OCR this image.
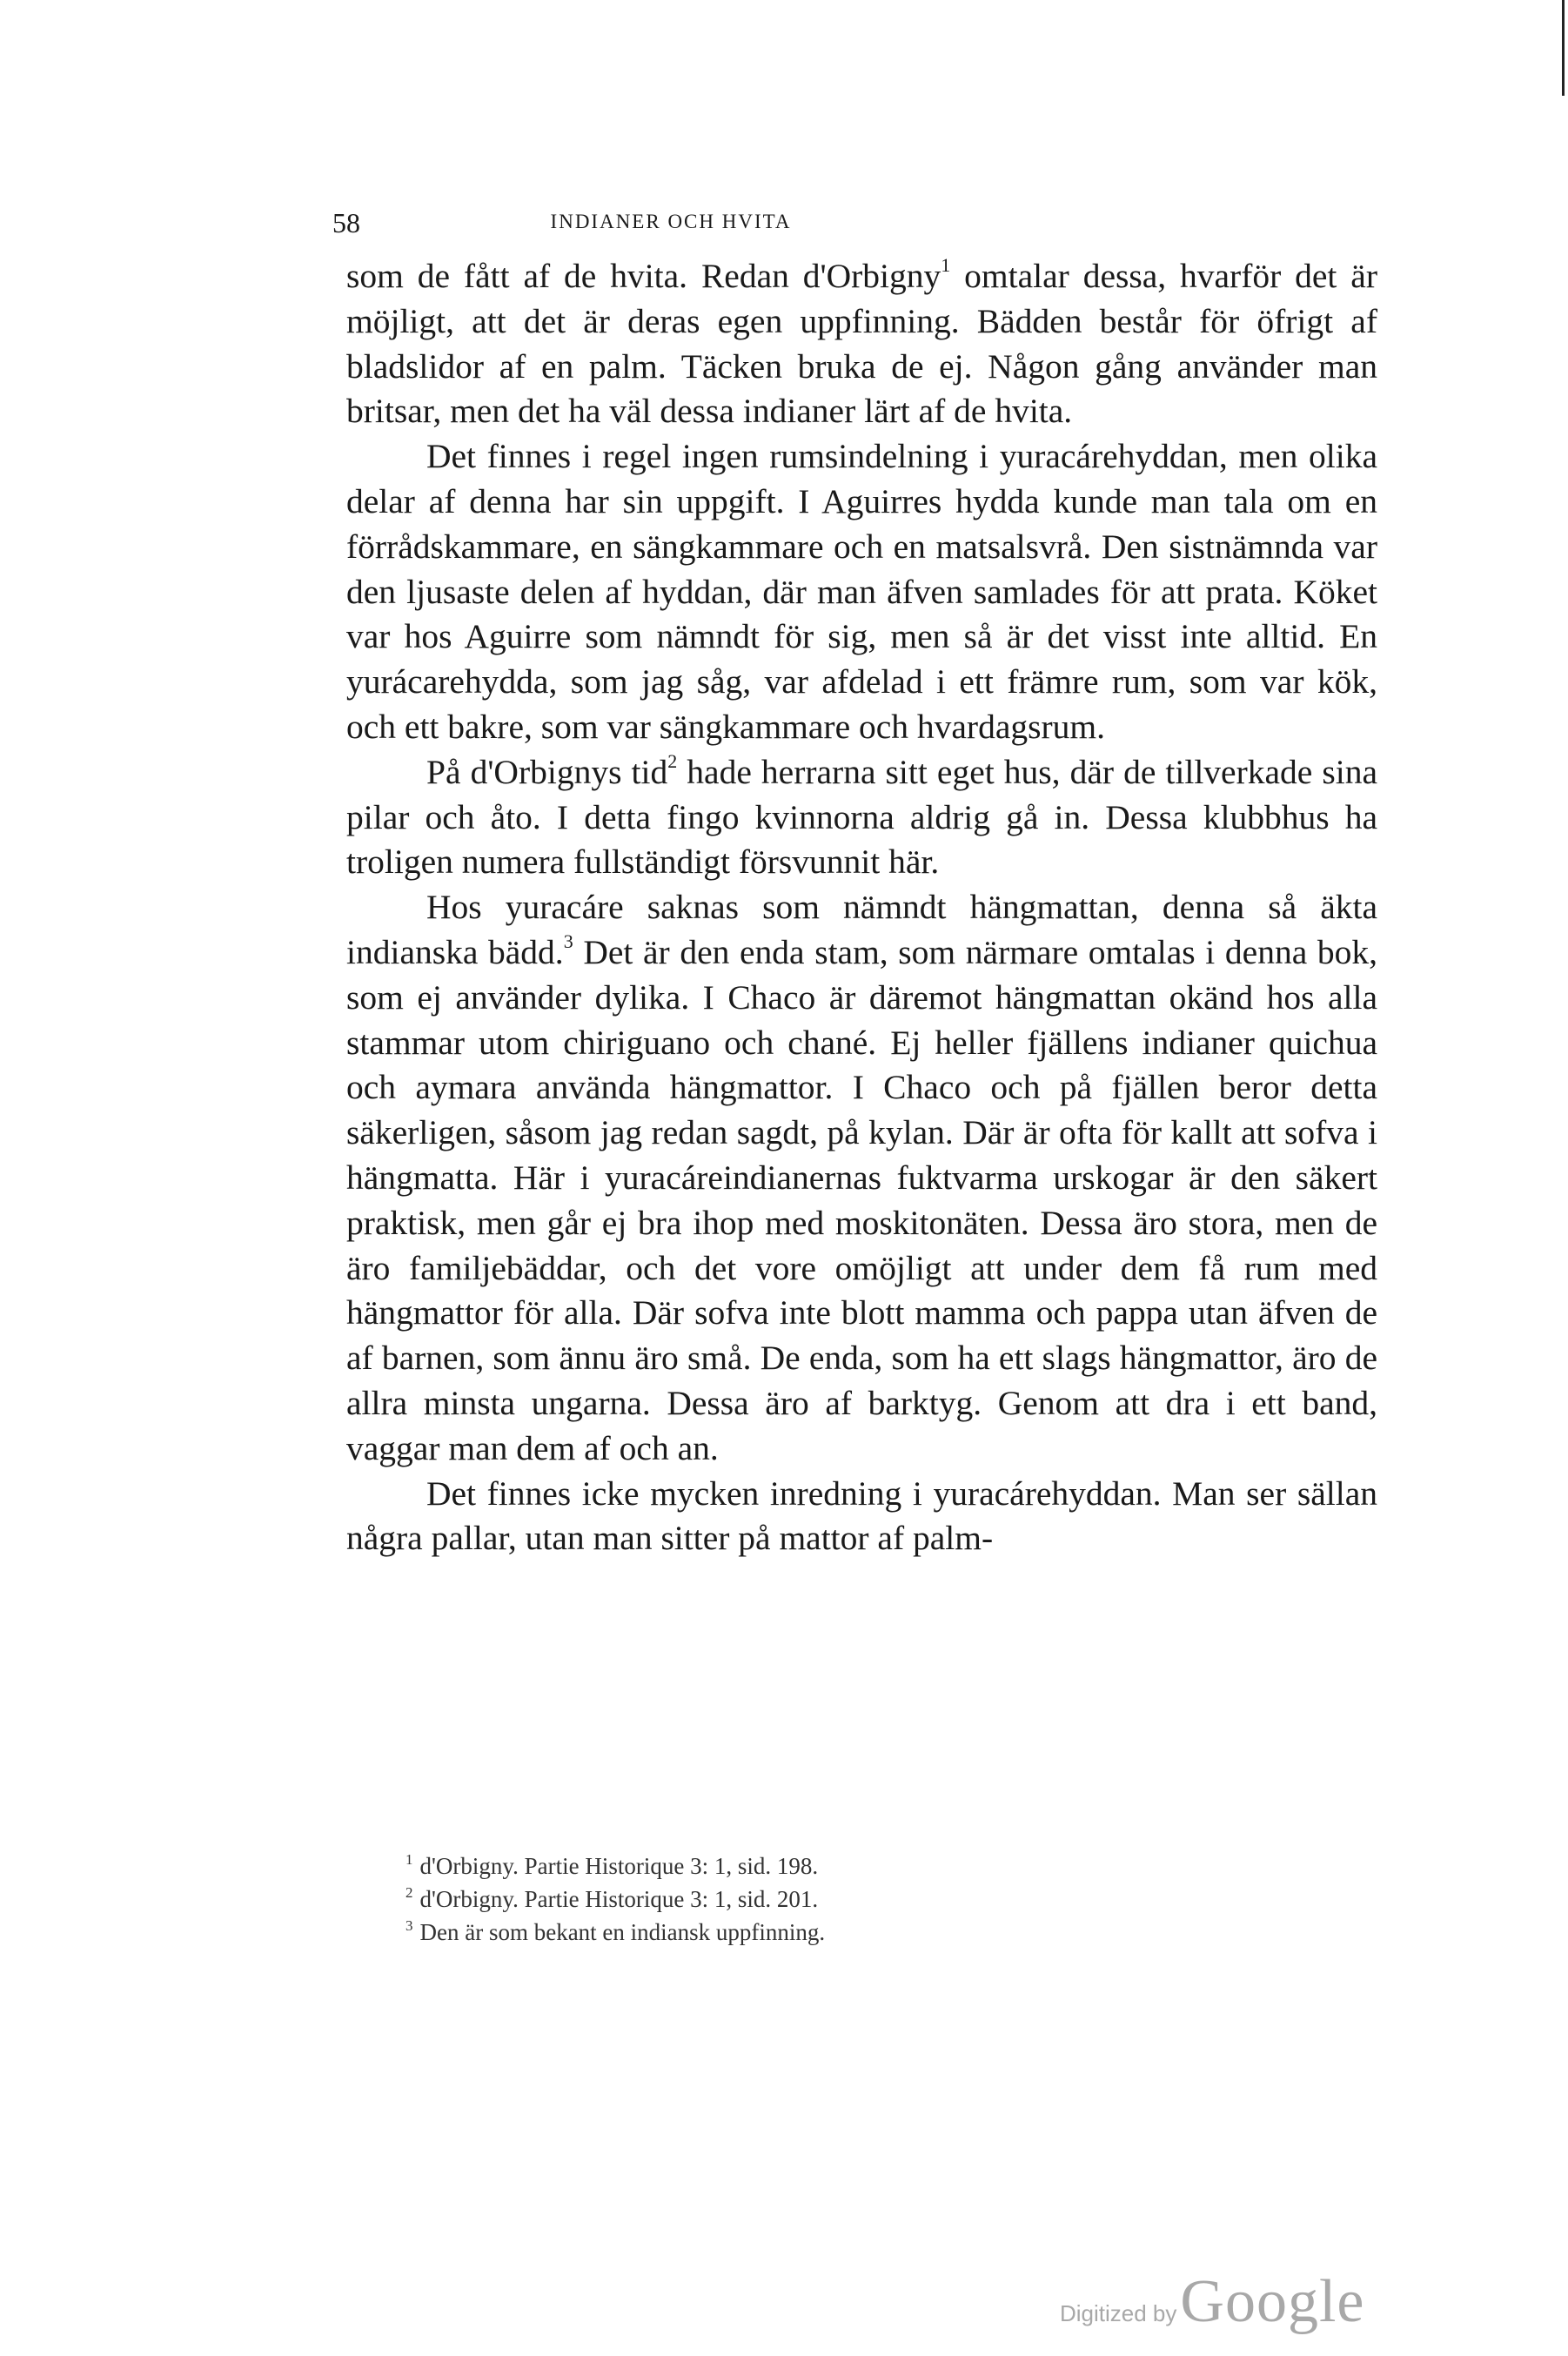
58	INDIANER OCH HVITA

som de fått af de hvita. Redan d'Orbigny$^1$ omtalar dessa, hvarför det är möjligt, att det är deras egen uppfinning. Bädden består för öfrigt af bladslidor af en palm. Täcken bruka de ej. Någon gång använder man britsar, men det ha väl dessa indianer lärt af de hvita.

Det finnes i regel ingen rumsindelning i yuracárehyddan, men olika delar af denna har sin uppgift. I Aguirres hydda kunde man tala om en förrådskammare, en sängkammare och en matsalsvrå. Den sistnämnda var den ljusaste delen af hyddan, där man äfven samlades för att prata. Köket var hos Aguirre som nämndt för sig, men så är det visst inte alltid. En yurácarehydda, som jag såg, var afdelad i ett främre rum, som var kök, och ett bakre, som var sängkammare och hvardagsrum.

På d'Orbignys tid$^2$ hade herrarna sitt eget hus, där de tillverkade sina pilar och åto. I detta fingo kvinnorna aldrig gå in. Dessa klubbhus ha troligen numera fullständigt försvunnit här.

Hos yuracáre saknas som nämndt hängmattan, denna så äkta indianska bädd.$^3$ Det är den enda stam, som närmare omtalas i denna bok, som ej använder dylika. I Chaco är däremot hängmattan okänd hos alla stammar utom chiriguano och chané. Ej heller fjällens indianer quichua och aymara använda hängmattor. I Chaco och på fjällen beror detta säkerligen, såsom jag redan sagdt, på kylan. Där är ofta för kallt att sofva i hängmatta. Här i yuracáreindianernas fuktvarma urskogar är den säkert praktisk, men går ej bra ihop med moskitonäten. Dessa äro stora, men de äro familjebäddar, och det vore omöjligt att under dem få rum med hängmattor för alla. Där sofva inte blott mamma och pappa utan äfven de af barnen, som ännu äro små. De enda, som ha ett slags hängmattor, äro de allra minsta ungarna. Dessa äro af barktyg. Genom att dra i ett band, vaggar man dem af och an.

Det finnes icke mycken inredning i yuracárehyddan. Man ser sällan några pallar, utan man sitter på mattor af palm-

$^1$ d'Orbigny. Partie Historique 3: 1, sid. 198.
$^2$ d'Orbigny. Partie Historique 3: 1, sid. 201.
$^3$ Den är som bekant en indiansk uppfinning.
Digitized by Google
